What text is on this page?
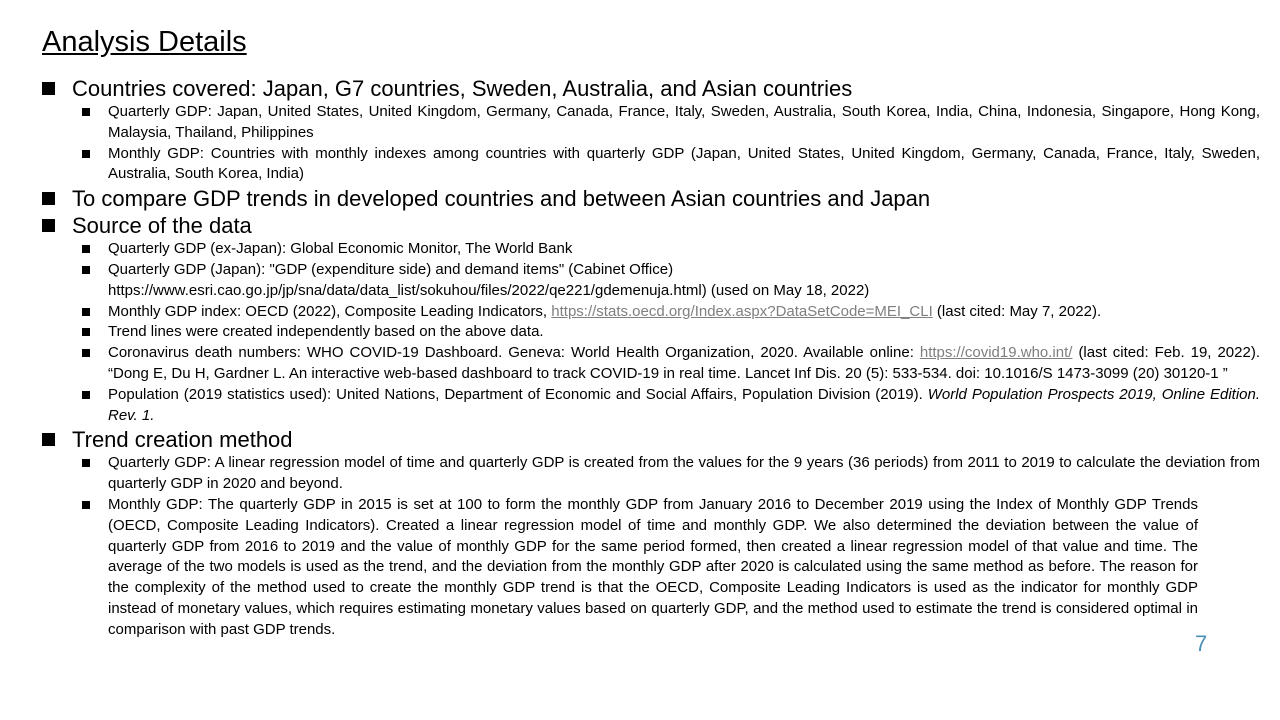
Analysis Details
Countries covered: Japan, G7 countries, Sweden, Australia, and Asian countries
Quarterly GDP: Japan, United States, United Kingdom, Germany, Canada, France, Italy, Sweden, Australia, South Korea, India, China, Indonesia, Singapore, Hong Kong, Malaysia, Thailand, Philippines
Monthly GDP: Countries with monthly indexes among countries with quarterly GDP (Japan, United States, United Kingdom, Germany, Canada, France, Italy, Sweden, Australia, South Korea, India)
To compare GDP trends in developed countries and between Asian countries and Japan
Source of the data
Quarterly GDP (ex-Japan): Global Economic Monitor, The World Bank
Quarterly GDP (Japan): "GDP (expenditure side) and demand items" (Cabinet Office) https://www.esri.cao.go.jp/jp/sna/data/data_list/sokuhou/files/2022/qe221/gdemenuja.html) (used on May 18, 2022)
Monthly GDP index: OECD (2022), Composite Leading Indicators, https://stats.oecd.org/Index.aspx?DataSetCode=MEI_CLI (last cited: May 7, 2022).
Trend lines were created independently based on the above data.
Coronavirus death numbers: WHO COVID-19 Dashboard. Geneva: World Health Organization, 2020. Available online: https://covid19.who.int/ (last cited: Feb. 19, 2022). “Dong E, Du H, Gardner L. An interactive web-based dashboard to track COVID-19 in real time. Lancet Inf Dis. 20 (5): 533-534. doi: 10.1016/S 1473-3099 (20) 30120-1 ”
Population (2019 statistics used): United Nations, Department of Economic and Social Affairs, Population Division (2019). World Population Prospects 2019, Online Edition. Rev. 1.
Trend creation method
Quarterly GDP: A linear regression model of time and quarterly GDP is created from the values for the 9 years (36 periods) from 2011 to 2019 to calculate the deviation from quarterly GDP in 2020 and beyond.
Monthly GDP: The quarterly GDP in 2015 is set at 100 to form the monthly GDP from January 2016 to December 2019 using the Index of Monthly GDP Trends (OECD, Composite Leading Indicators). Created a linear regression model of time and monthly GDP. We also determined the deviation between the value of quarterly GDP from 2016 to 2019 and the value of monthly GDP for the same period formed, then created a linear regression model of that value and time. The average of the two models is used as the trend, and the deviation from the monthly GDP after 2020 is calculated using the same method as before. The reason for the complexity of the method used to create the monthly GDP trend is that the OECD, Composite Leading Indicators is used as the indicator for monthly GDP instead of monetary values, which requires estimating monetary values based on quarterly GDP, and the method used to estimate the trend is considered optimal in comparison with past GDP trends.
7
